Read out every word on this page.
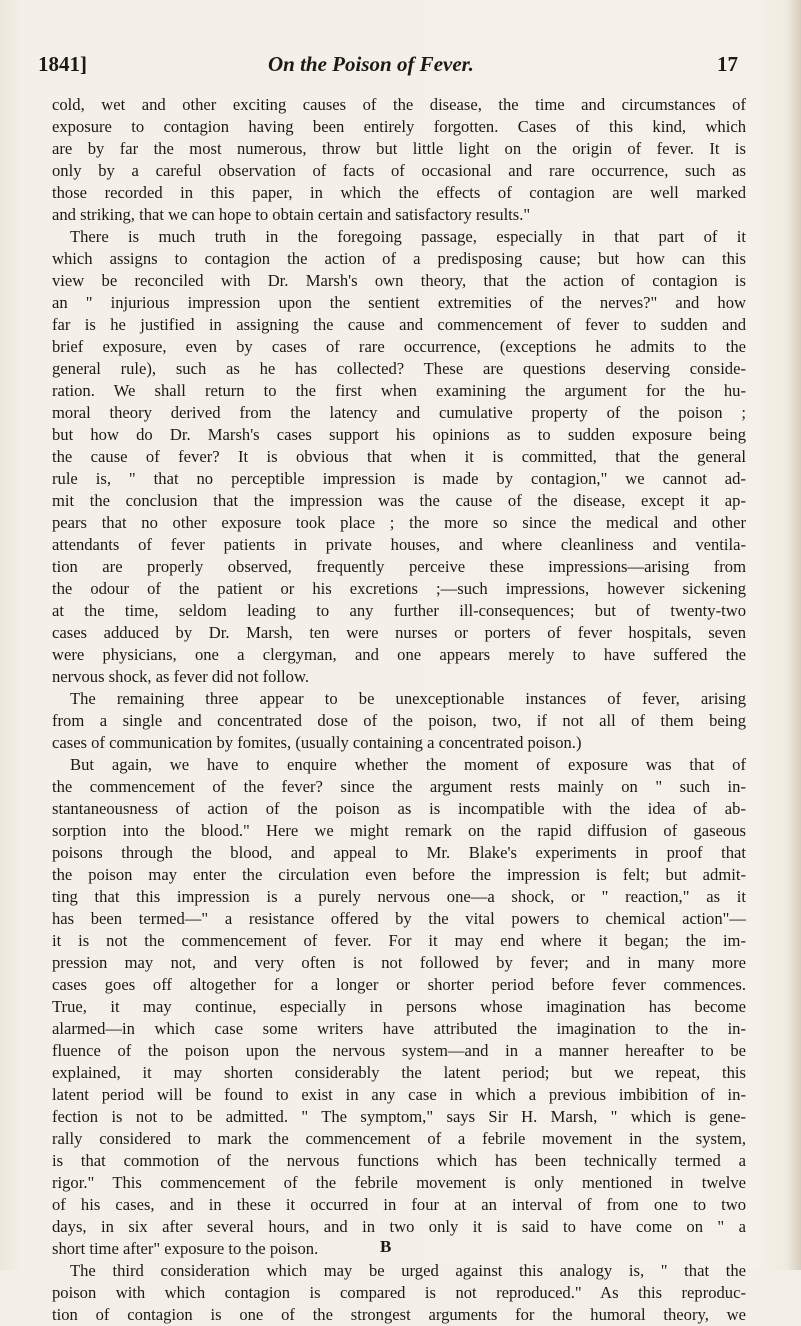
1841]	On the Poison of Fever.	17
cold, wet and other exciting causes of the disease, the time and circumstances of
exposure to contagion having been entirely forgotten. Cases of this kind, which
are by far the most numerous, throw but little light on the origin of fever. It is
only by a careful observation of facts of occasional and rare occurrence, such as
those recorded in this paper, in which the effects of contagion are well marked
and striking, that we can hope to obtain certain and satisfactory results."
There is much truth in the foregoing passage, especially in that part of it
which assigns to contagion the action of a predisposing cause; but how can this
view be reconciled with Dr. Marsh's own theory, that the action of contagion is
an " injurious impression upon the sentient extremities of the nerves?" and how
far is he justified in assigning the cause and commencement of fever to sudden and
brief exposure, even by cases of rare occurrence, (exceptions he admits to the
general rule), such as he has collected? These are questions deserving conside-
ration. We shall return to the first when examining the argument for the hu-
moral theory derived from the latency and cumulative property of the poison ;
but how do Dr. Marsh's cases support his opinions as to sudden exposure being
the cause of fever? It is obvious that when it is committed, that the general
rule is, " that no perceptible impression is made by contagion," we cannot ad-
mit the conclusion that the impression was the cause of the disease, except it ap-
pears that no other exposure took place ; the more so since the medical and other
attendants of fever patients in private houses, and where cleanliness and ventila-
tion are properly observed, frequently perceive these impressions—arising from
the odour of the patient or his excretions ;—such impressions, however sickening
at the time, seldom leading to any further ill-consequences; but of twenty-two
cases adduced by Dr. Marsh, ten were nurses or porters of fever hospitals, seven
were physicians, one a clergyman, and one appears merely to have suffered the
nervous shock, as fever did not follow.
The remaining three appear to be unexceptionable instances of fever, arising
from a single and concentrated dose of the poison, two, if not all of them being
cases of communication by fomites, (usually containing a concentrated poison.)
But again, we have to enquire whether the moment of exposure was that of
the commencement of the fever? since the argument rests mainly on " such in-
stantaneousness of action of the poison as is incompatible with the idea of ab-
sorption into the blood." Here we might remark on the rapid diffusion of gaseous
poisons through the blood, and appeal to Mr. Blake's experiments in proof that
the poison may enter the circulation even before the impression is felt; but admit-
ting that this impression is a purely nervous one—a shock, or " reaction," as it
has been termed—" a resistance offered by the vital powers to chemical action"—
it is not the commencement of fever. For it may end where it began; the im-
pression may not, and very often is not followed by fever; and in many more
cases goes off altogether for a longer or shorter period before fever commences.
True, it may continue, especially in persons whose imagination has become
alarmed—in which case some writers have attributed the imagination to the in-
fluence of the poison upon the nervous system—and in a manner hereafter to be
explained, it may shorten considerably the latent period; but we repeat, this
latent period will be found to exist in any case in which a previous imbibition of in-
fection is not to be admitted. " The symptom," says Sir H. Marsh, " which is gene-
rally considered to mark the commencement of a febrile movement in the system,
is that commotion of the nervous functions which has been technically termed a
rigor." This commencement of the febrile movement is only mentioned in twelve
of his cases, and in these it occurred in four at an interval of from one to two
days, in six after several hours, and in two only it is said to have come on " a
short time after" exposure to the poison.
The third consideration which may be urged against this analogy is, " that the
poison with which contagion is compared is not reproduced." As this reproduc-
tion of contagion is one of the strongest arguments for the humoral theory, we
B
